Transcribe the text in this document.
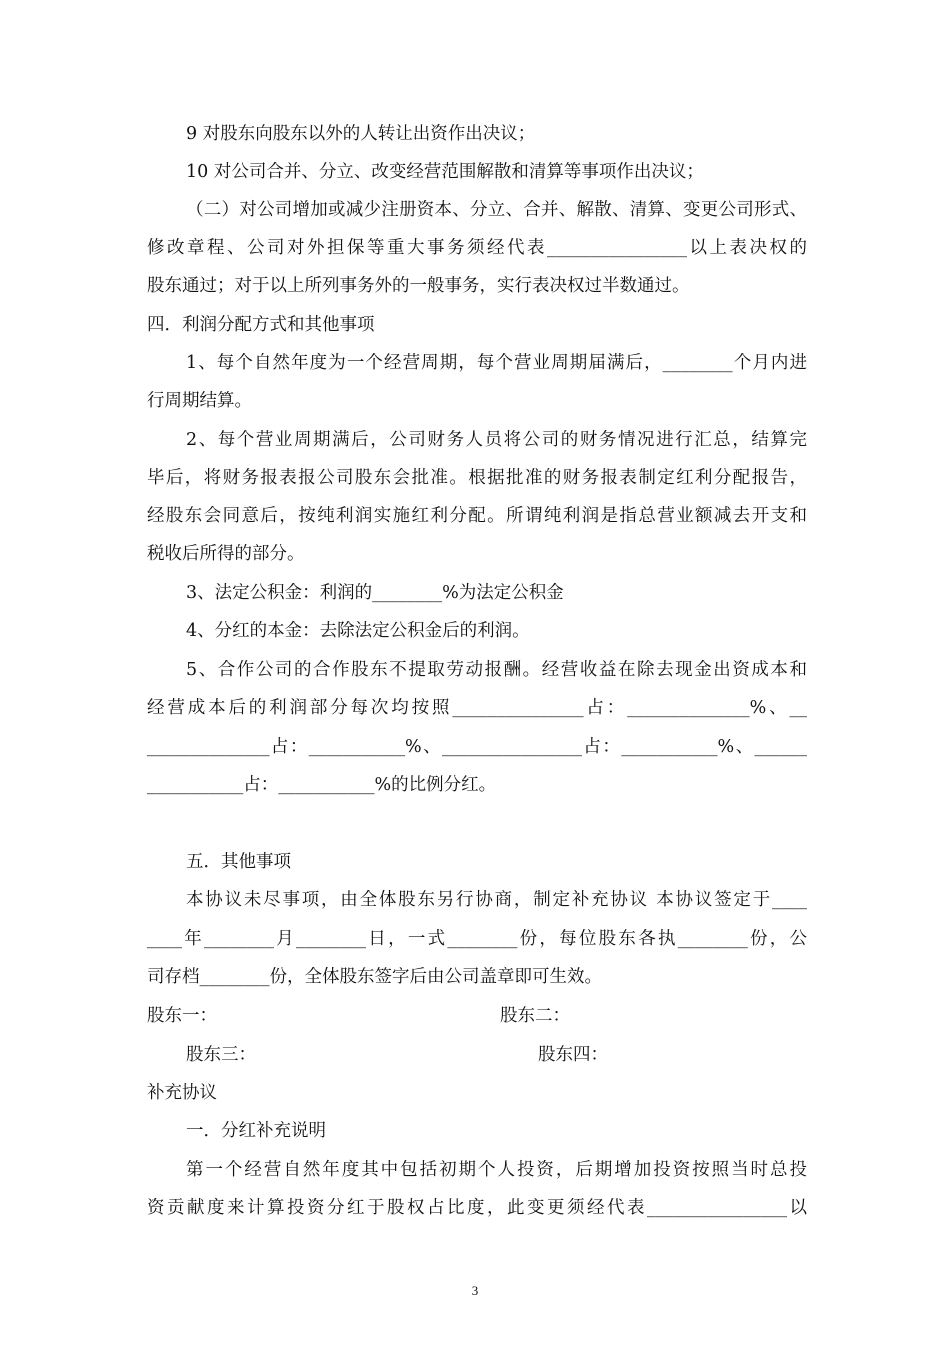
9 对股东向股东以外的人转让出资作出决议；
10 对公司合并、分立、改变经营范围解散和清算等事项作出决议；
（二）对公司增加或减少注册资本、分立、合并、解散、清算、变更公司形式、
修改章程、公司对外担保等重大事务须经代表________________以上表决权的
股东通过；对于以上所列事务外的一般事务，实行表决权过半数通过。
四．利润分配方式和其他事项
1、每个自然年度为一个经营周期，每个营业周期届满后，________个月内进
行周期结算。
2、每个营业周期满后，公司财务人员将公司的财务情况进行汇总，结算完
毕后，将财务报表报公司股东会批准。根据批准的财务报表制定红利分配报告，
经股东会同意后，按纯利润实施红利分配。所谓纯利润是指总营业额减去开支和
税收后所得的部分。
3、法定公积金：利润的________%为法定公积金
4、分红的本金：去除法定公积金后的利润。
5、合作公司的合作股东不提取劳动报酬。经营收益在除去现金出资成本和
经营成本后的利润部分每次均按照_______________占：______________%、__
______________占：___________%、________________占：___________%、______
___________占：___________%的比例分红。
五．其他事项
本协议未尽事项，由全体股东另行协商，制定补充协议 本协议签定于____
____年________月________日，一式________份，每位股东各执________份，公
司存档________份，全体股东签字后由公司盖章即可生效。
股东一：	股东二：
股东三：	股东四：
补充协议
一．分红补充说明
第一个经营自然年度其中包括初期个人投资，后期增加投资按照当时总投
资贡献度来计算投资分红于股权占比度，此变更须经代表________________以
3
